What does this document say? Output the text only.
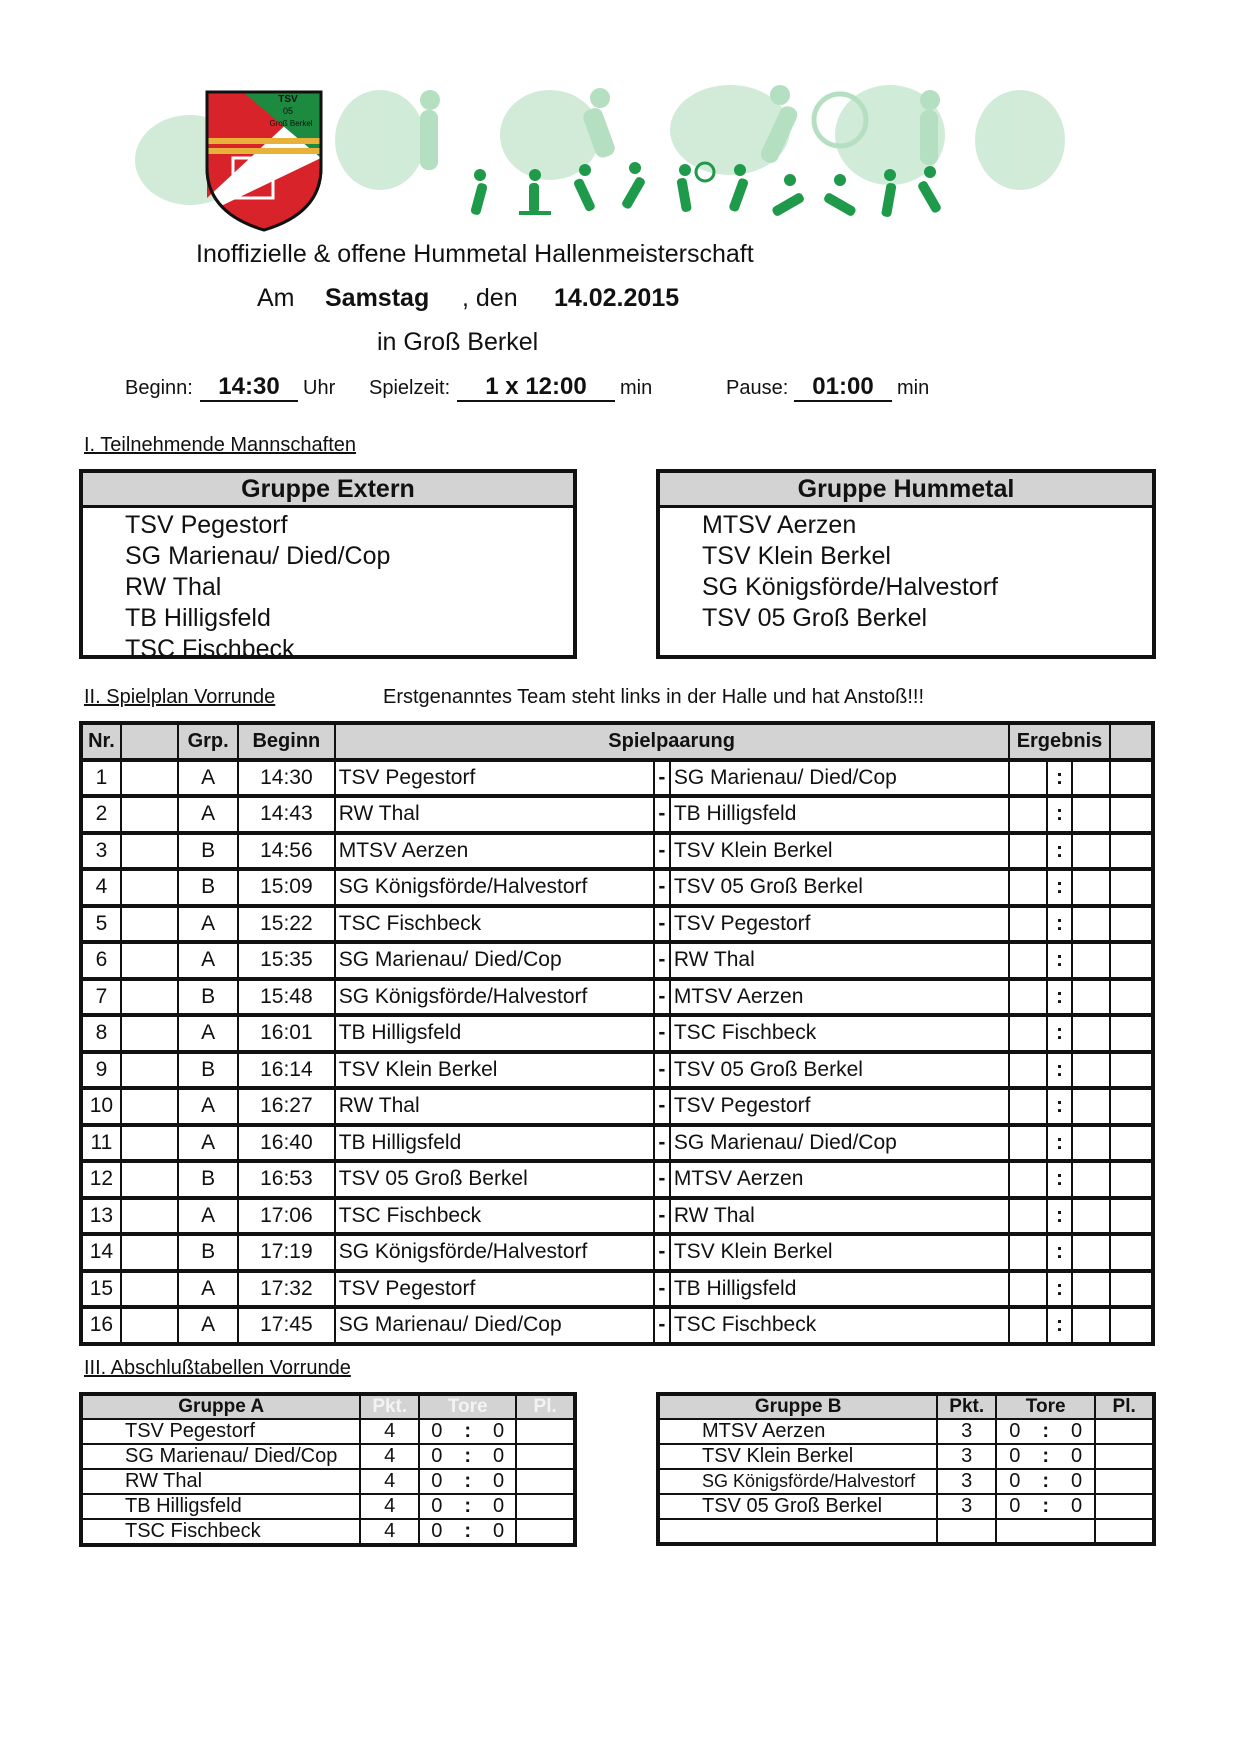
TSV
05
Groß Berkel
Inoffizielle & offene Hummetal Hallenmeisterschaft
Am Samstag , den 14.02.2015
in Groß Berkel
Beginn:	14:30	Uhr Spielzeit:	1 x 12:00	min	Pause:	01:00	min
I. Teilnehmende Mannschaften
Gruppe Extern
TSV Pegestorf
SG Marienau/ Died/Cop
RW Thal
TB Hilligsfeld
TSC Fischbeck
Gruppe Hummetal
MTSV Aerzen
TSV Klein Berkel
SG Königsförde/Halvestorf
TSV 05 Groß Berkel
II. Spielplan Vorrunde	Erstgenanntes Team steht links in der Halle und hat Anstoß!!!
Nr.		Grp.	Beginn	Spielpaarung			Ergebnis			
1		A	14:30	TSV Pegestorf	-	SG Marienau/ Died/Cop		:		
2		A	14:43	RW Thal	-	TB Hilligsfeld		:		
3		B	14:56	MTSV Aerzen	-	TSV Klein Berkel		:		
4		B	15:09	SG Königsförde/Halvestorf	-	TSV 05 Groß Berkel		:		
5		A	15:22	TSC Fischbeck	-	TSV Pegestorf		:		
6		A	15:35	SG Marienau/ Died/Cop	-	RW Thal		:		
7		B	15:48	SG Königsförde/Halvestorf	-	MTSV Aerzen		:		
8		A	16:01	TB Hilligsfeld	-	TSC Fischbeck		:		
9		B	16:14	TSV Klein Berkel	-	TSV 05 Groß Berkel		:		
10		A	16:27	RW Thal	-	TSV Pegestorf		:		
11		A	16:40	TB Hilligsfeld	-	SG Marienau/ Died/Cop		:		
12		B	16:53	TSV 05 Groß Berkel	-	MTSV Aerzen		:		
13		A	17:06	TSC Fischbeck	-	RW Thal		:		
14		B	17:19	SG Königsförde/Halvestorf	-	TSV Klein Berkel		:		
15		A	17:32	TSV Pegestorf	-	TB Hilligsfeld		:		
16		A	17:45	SG Marienau/ Died/Cop	-	TSC Fischbeck		:		
III. Abschlußtabellen Vorrunde
Gruppe A	Pkt.	Tore	Pl.
TSV Pegestorf	4	0 : 0	
SG Marienau/ Died/Cop	4	0 : 0	
RW Thal	4	0 : 0	
TB Hilligsfeld	4	0 : 0	
TSC Fischbeck	4	0 : 0	
Gruppe B	Pkt.	Tore	Pl.
MTSV Aerzen	3	0 : 0	
TSV Klein Berkel	3	0 : 0	
SG Königsförde/Halvestorf	3	0 : 0	
TSV 05 Groß Berkel	3	0 : 0	
